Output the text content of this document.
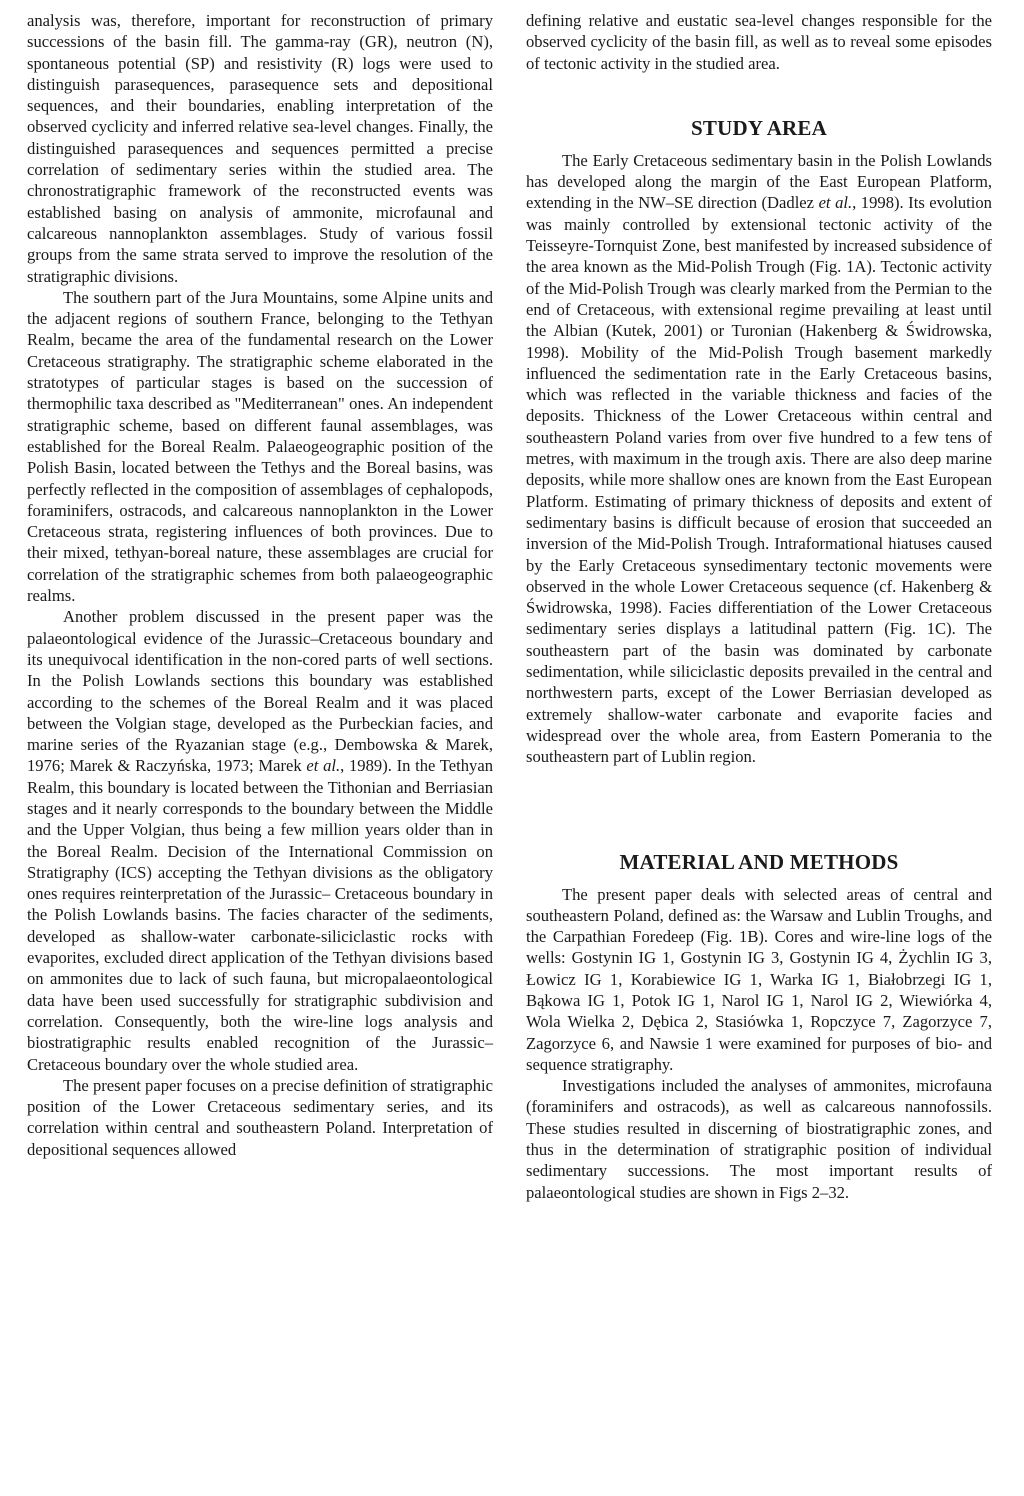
analysis was, therefore, important for reconstruction of primary successions of the basin fill. The gamma-ray (GR), neutron (N), spontaneous potential (SP) and resistivity (R) logs were used to distinguish parasequences, parasequence sets and depositional sequences, and their boundaries, enabling interpretation of the observed cyclicity and inferred relative sea-level changes. Finally, the distinguished parasequences and sequences permitted a precise correlation of sedimentary series within the studied area. The chronostratigraphic framework of the reconstructed events was established basing on analysis of ammonite, microfaunal and calcareous nannoplankton assemblages. Study of various fossil groups from the same strata served to improve the resolution of the stratigraphic divisions.

The southern part of the Jura Mountains, some Alpine units and the adjacent regions of southern France, belonging to the Tethyan Realm, became the area of the fundamental research on the Lower Cretaceous stratigraphy. The stratigraphic scheme elaborated in the stratotypes of particular stages is based on the succession of thermophilic taxa described as "Mediterranean" ones. An independent stratigraphic scheme, based on different faunal assemblages, was established for the Boreal Realm. Palaeogeographic position of the Polish Basin, located between the Tethys and the Boreal basins, was perfectly reflected in the composition of assemblages of cephalopods, foraminifers, ostracods, and calcareous nannoplankton in the Lower Cretaceous strata, registering influences of both provinces. Due to their mixed, tethyan-boreal nature, these assemblages are crucial for correlation of the stratigraphic schemes from both palaeogeographic realms.

Another problem discussed in the present paper was the palaeontological evidence of the Jurassic–Cretaceous boundary and its unequivocal identification in the non-cored parts of well sections. In the Polish Lowlands sections this boundary was established according to the schemes of the Boreal Realm and it was placed between the Volgian stage, developed as the Purbeckian facies, and marine series of the Ryazanian stage (e.g., Dembowska & Marek, 1976; Marek & Raczyńska, 1973; Marek et al., 1989). In the Tethyan Realm, this boundary is located between the Tithonian and Berriasian stages and it nearly corresponds to the boundary between the Middle and the Upper Volgian, thus being a few million years older than in the Boreal Realm. Decision of the International Commission on Stratigraphy (ICS) accepting the Tethyan divisions as the obligatory ones requires reinterpretation of the Jurassic– Cretaceous boundary in the Polish Lowlands basins. The facies character of the sediments, developed as shallow-water carbonate-siliciclastic rocks with evaporites, excluded direct application of the Tethyan divisions based on ammonites due to lack of such fauna, but micropalaeontological data have been used successfully for stratigraphic subdivision and correlation. Consequently, both the wire-line logs analysis and biostratigraphic results enabled recognition of the Jurassic–Cretaceous boundary over the whole studied area.

The present paper focuses on a precise definition of stratigraphic position of the Lower Cretaceous sedimentary series, and its correlation within central and southeastern Poland. Interpretation of depositional sequences allowed

defining relative and eustatic sea-level changes responsible for the observed cyclicity of the basin fill, as well as to reveal some episodes of tectonic activity in the studied area.

STUDY AREA

The Early Cretaceous sedimentary basin in the Polish Lowlands has developed along the margin of the East European Platform, extending in the NW–SE direction (Dadlez et al., 1998). Its evolution was mainly controlled by extensional tectonic activity of the Teisseyre-Tornquist Zone, best manifested by increased subsidence of the area known as the Mid-Polish Trough (Fig. 1A). Tectonic activity of the Mid-Polish Trough was clearly marked from the Permian to the end of Cretaceous, with extensional regime prevailing at least until the Albian (Kutek, 2001) or Turonian (Hakenberg & Świdrowska, 1998). Mobility of the Mid-Polish Trough basement markedly influenced the sedimentation rate in the Early Cretaceous basins, which was reflected in the variable thickness and facies of the deposits. Thickness of the Lower Cretaceous within central and southeastern Poland varies from over five hundred to a few tens of metres, with maximum in the trough axis. There are also deep marine deposits, while more shallow ones are known from the East European Platform. Estimating of primary thickness of deposits and extent of sedimentary basins is difficult because of erosion that succeeded an inversion of the Mid-Polish Trough. Intraformational hiatuses caused by the Early Cretaceous synsedimentary tectonic movements were observed in the whole Lower Cretaceous sequence (cf. Hakenberg & Świdrowska, 1998). Facies differentiation of the Lower Cretaceous sedimentary series displays a latitudinal pattern (Fig. 1C). The southeastern part of the basin was dominated by carbonate sedimentation, while siliciclastic deposits prevailed in the central and northwestern parts, except of the Lower Berriasian developed as extremely shallow-water carbonate and evaporite facies and widespread over the whole area, from Eastern Pomerania to the southeastern part of Lublin region.

MATERIAL AND METHODS

The present paper deals with selected areas of central and southeastern Poland, defined as: the Warsaw and Lublin Troughs, and the Carpathian Foredeep (Fig. 1B). Cores and wire-line logs of the wells: Gostynin IG 1, Gostynin IG 3, Gostynin IG 4, Żychlin IG 3, Łowicz IG 1, Korabiewice IG 1, Warka IG 1, Białobrzegi IG 1, Bąkowa IG 1, Potok IG 1, Narol IG 1, Narol IG 2, Wiewiórka 4, Wola Wielka 2, Dębica 2, Stasiówka 1, Ropczyce 7, Zagorzyce 7, Zagorzyce 6, and Nawsie 1 were examined for purposes of bio- and sequence stratigraphy.

Investigations included the analyses of ammonites, microfauna (foraminifers and ostracods), as well as calcareous nannofossils. These studies resulted in discerning of biostratigraphic zones, and thus in the determination of stratigraphic position of individual sedimentary successions. The most important results of palaeontological studies are shown in Figs 2–32.
